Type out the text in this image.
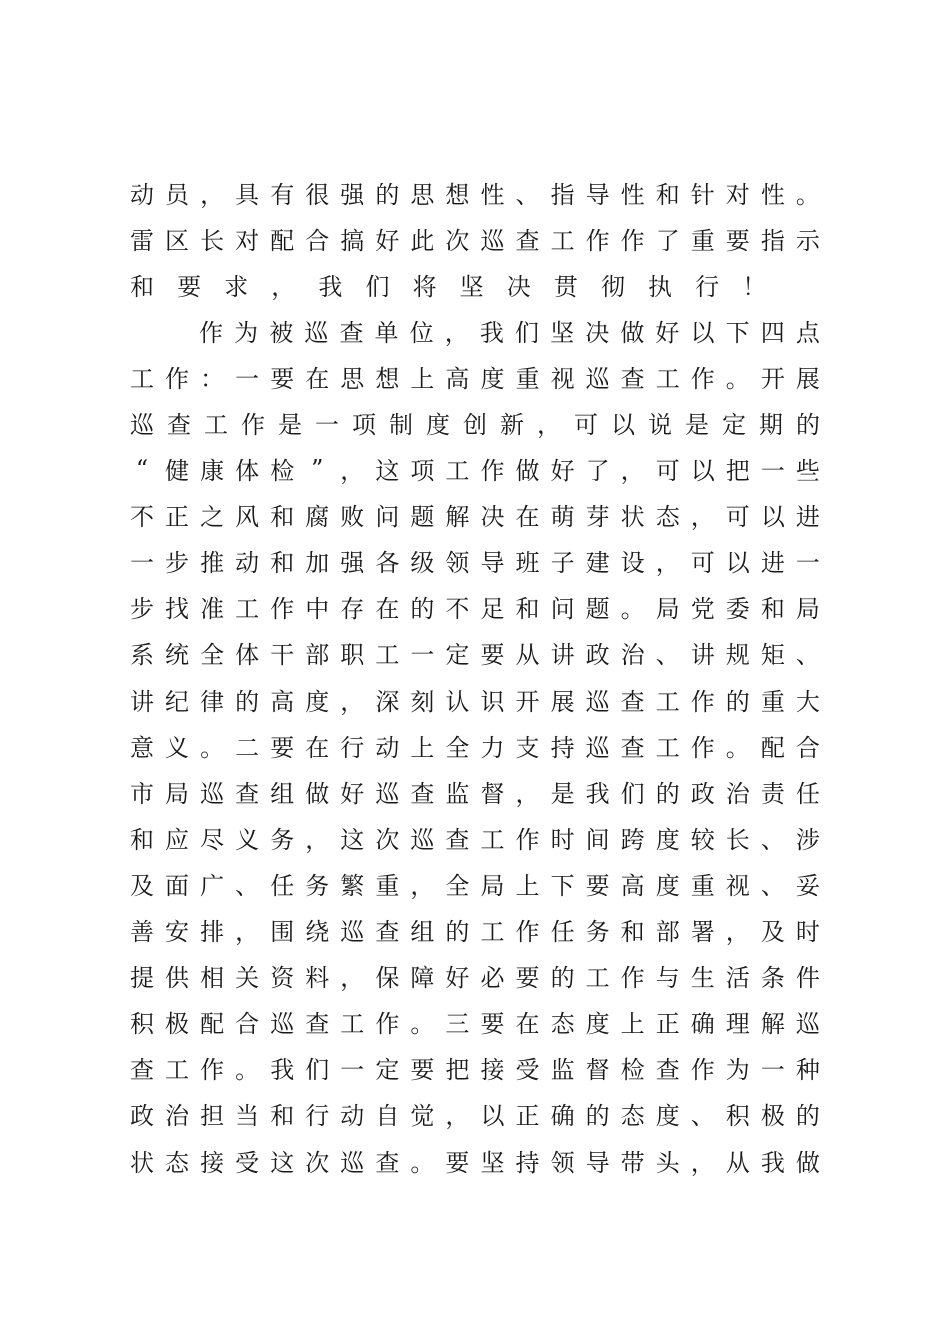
动 员 ， 具 有 很 强 的 思 想 性 、 指 导 性 和 针 对 性 。
雷 区 长 对 配 合 搞 好 此 次 巡 查 工 作 作 了 重 要 指 示
和 要 求 ， 我 们 将 坚 决 贯 彻 执 行 ！
作 为 被 巡 查 单 位 ， 我 们 坚 决 做 好 以 下 四 点
工 作 ： 一 要 在 思 想 上 高 度 重 视 巡 查 工 作 。 开 展
巡 查 工 作 是 一 项 制 度 创 新 ， 可 以 说 是 定 期 的
“ 健 康 体 检 ” ， 这 项 工 作 做 好 了 ， 可 以 把 一 些
不 正 之 风 和 腐 败 问 题 解 决 在 萌 芽 状 态 ， 可 以 进
一 步 推 动 和 加 强 各 级 领 导 班 子 建 设 ， 可 以 进 一
步 找 准 工 作 中 存 在 的 不 足 和 问 题 。 局 党 委 和 局
系 统 全 体 干 部 职 工 一 定 要 从 讲 政 治 、 讲 规 矩 、
讲 纪 律 的 高 度 ， 深 刻 认 识 开 展 巡 查 工 作 的 重 大
意 义 。 二 要 在 行 动 上 全 力 支 持 巡 查 工 作 。 配 合
市 局 巡 查 组 做 好 巡 查 监 督 ， 是 我 们 的 政 治 责 任
和 应 尽 义 务 ， 这 次 巡 查 工 作 时 间 跨 度 较 长 、 涉
及 面 广 、 任 务 繁 重 ， 全 局 上 下 要 高 度 重 视 、 妥
善 安 排 ， 围 绕 巡 查 组 的 工 作 任 务 和 部 署 ， 及 时
提 供 相 关 资 料 ， 保 障 好 必 要 的 工 作 与 生 活 条 件
积 极 配 合 巡 查 工 作 。 三 要 在 态 度 上 正 确 理 解 巡
查 工 作 。 我 们 一 定 要 把 接 受 监 督 检 查 作 为 一 种
政 治 担 当 和 行 动 自 觉 ， 以 正 确 的 态 度 、 积 极 的
状 态 接 受 这 次 巡 查 。 要 坚 持 领 导 带 头 ， 从 我 做
